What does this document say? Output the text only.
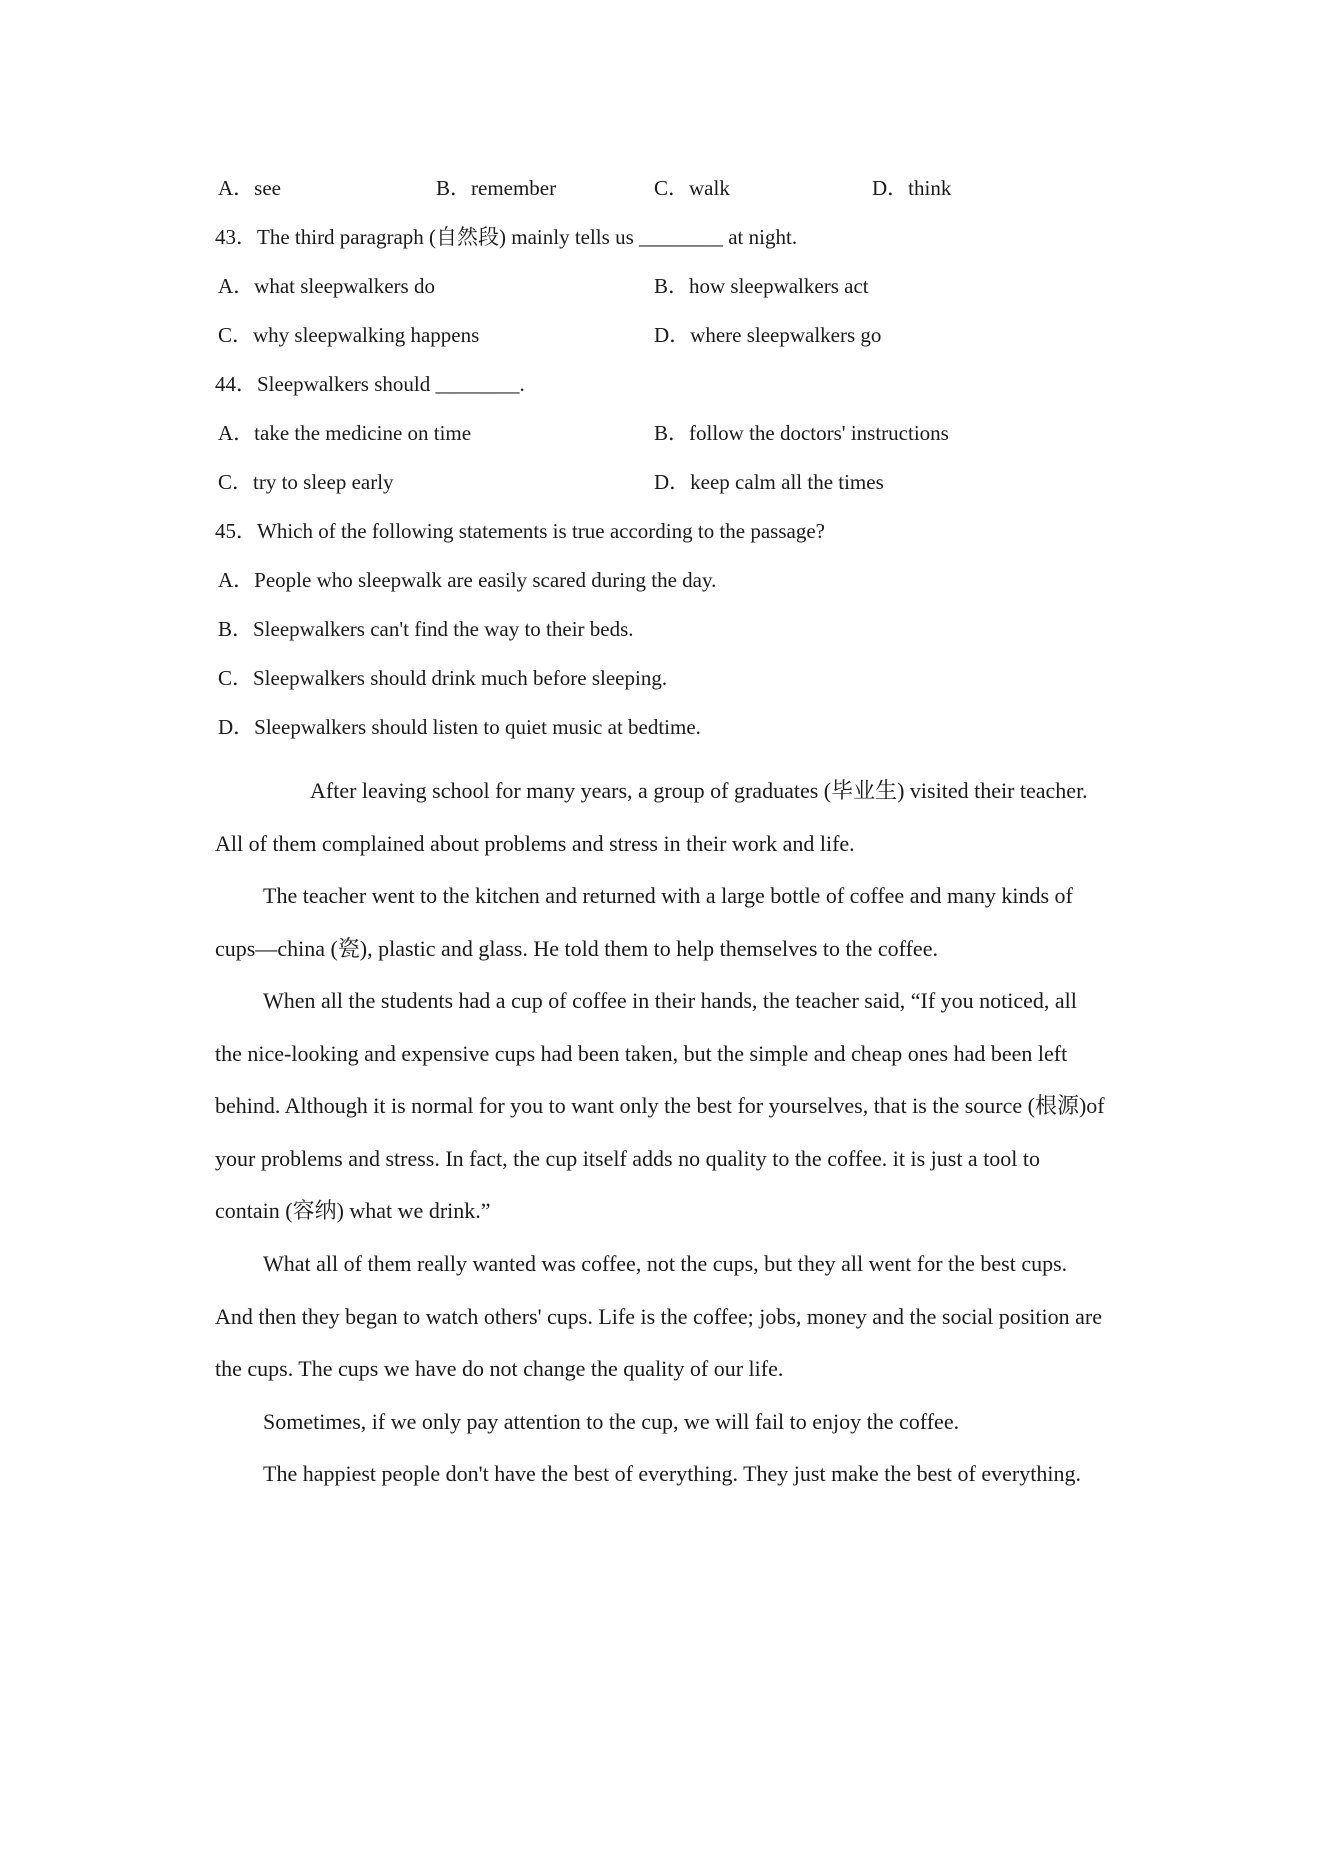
A．see	B．remember	C．walk	D．think
43．The third paragraph (自然段) mainly tells us ________ at night.
A．what sleepwalkers do	B．how sleepwalkers act
C．why sleepwalking happens	D．where sleepwalkers go
44．Sleepwalkers should ________.
A．take the medicine on time	B．follow the doctors' instructions
C．try to sleep early	D．keep calm all the times
45．Which of the following statements is true according to the passage?
A．People who sleepwalk are easily scared during the day.
B．Sleepwalkers can't find the way to their beds.
C．Sleepwalkers should drink much before sleeping.
D．Sleepwalkers should listen to quiet music at bedtime.
After leaving school for many years, a group of graduates (毕业生) visited their teacher. All of them complained about problems and stress in their work and life.
The teacher went to the kitchen and returned with a large bottle of coffee and many kinds of cups—china (瓷), plastic and glass. He told them to help themselves to the coffee.
When all the students had a cup of coffee in their hands, the teacher said, “If you noticed, all the nice-looking and expensive cups had been taken, but the simple and cheap ones had been left behind. Although it is normal for you to want only the best for yourselves, that is the source (根源)of your problems and stress. In fact, the cup itself adds no quality to the coffee. it is just a tool to contain (容纳) what we drink.”
What all of them really wanted was coffee, not the cups, but they all went for the best cups. And then they began to watch others' cups. Life is the coffee; jobs, money and the social position are the cups. The cups we have do not change the quality of our life.
Sometimes, if we only pay attention to the cup, we will fail to enjoy the coffee.
The happiest people don't have the best of everything. They just make the best of everything.
